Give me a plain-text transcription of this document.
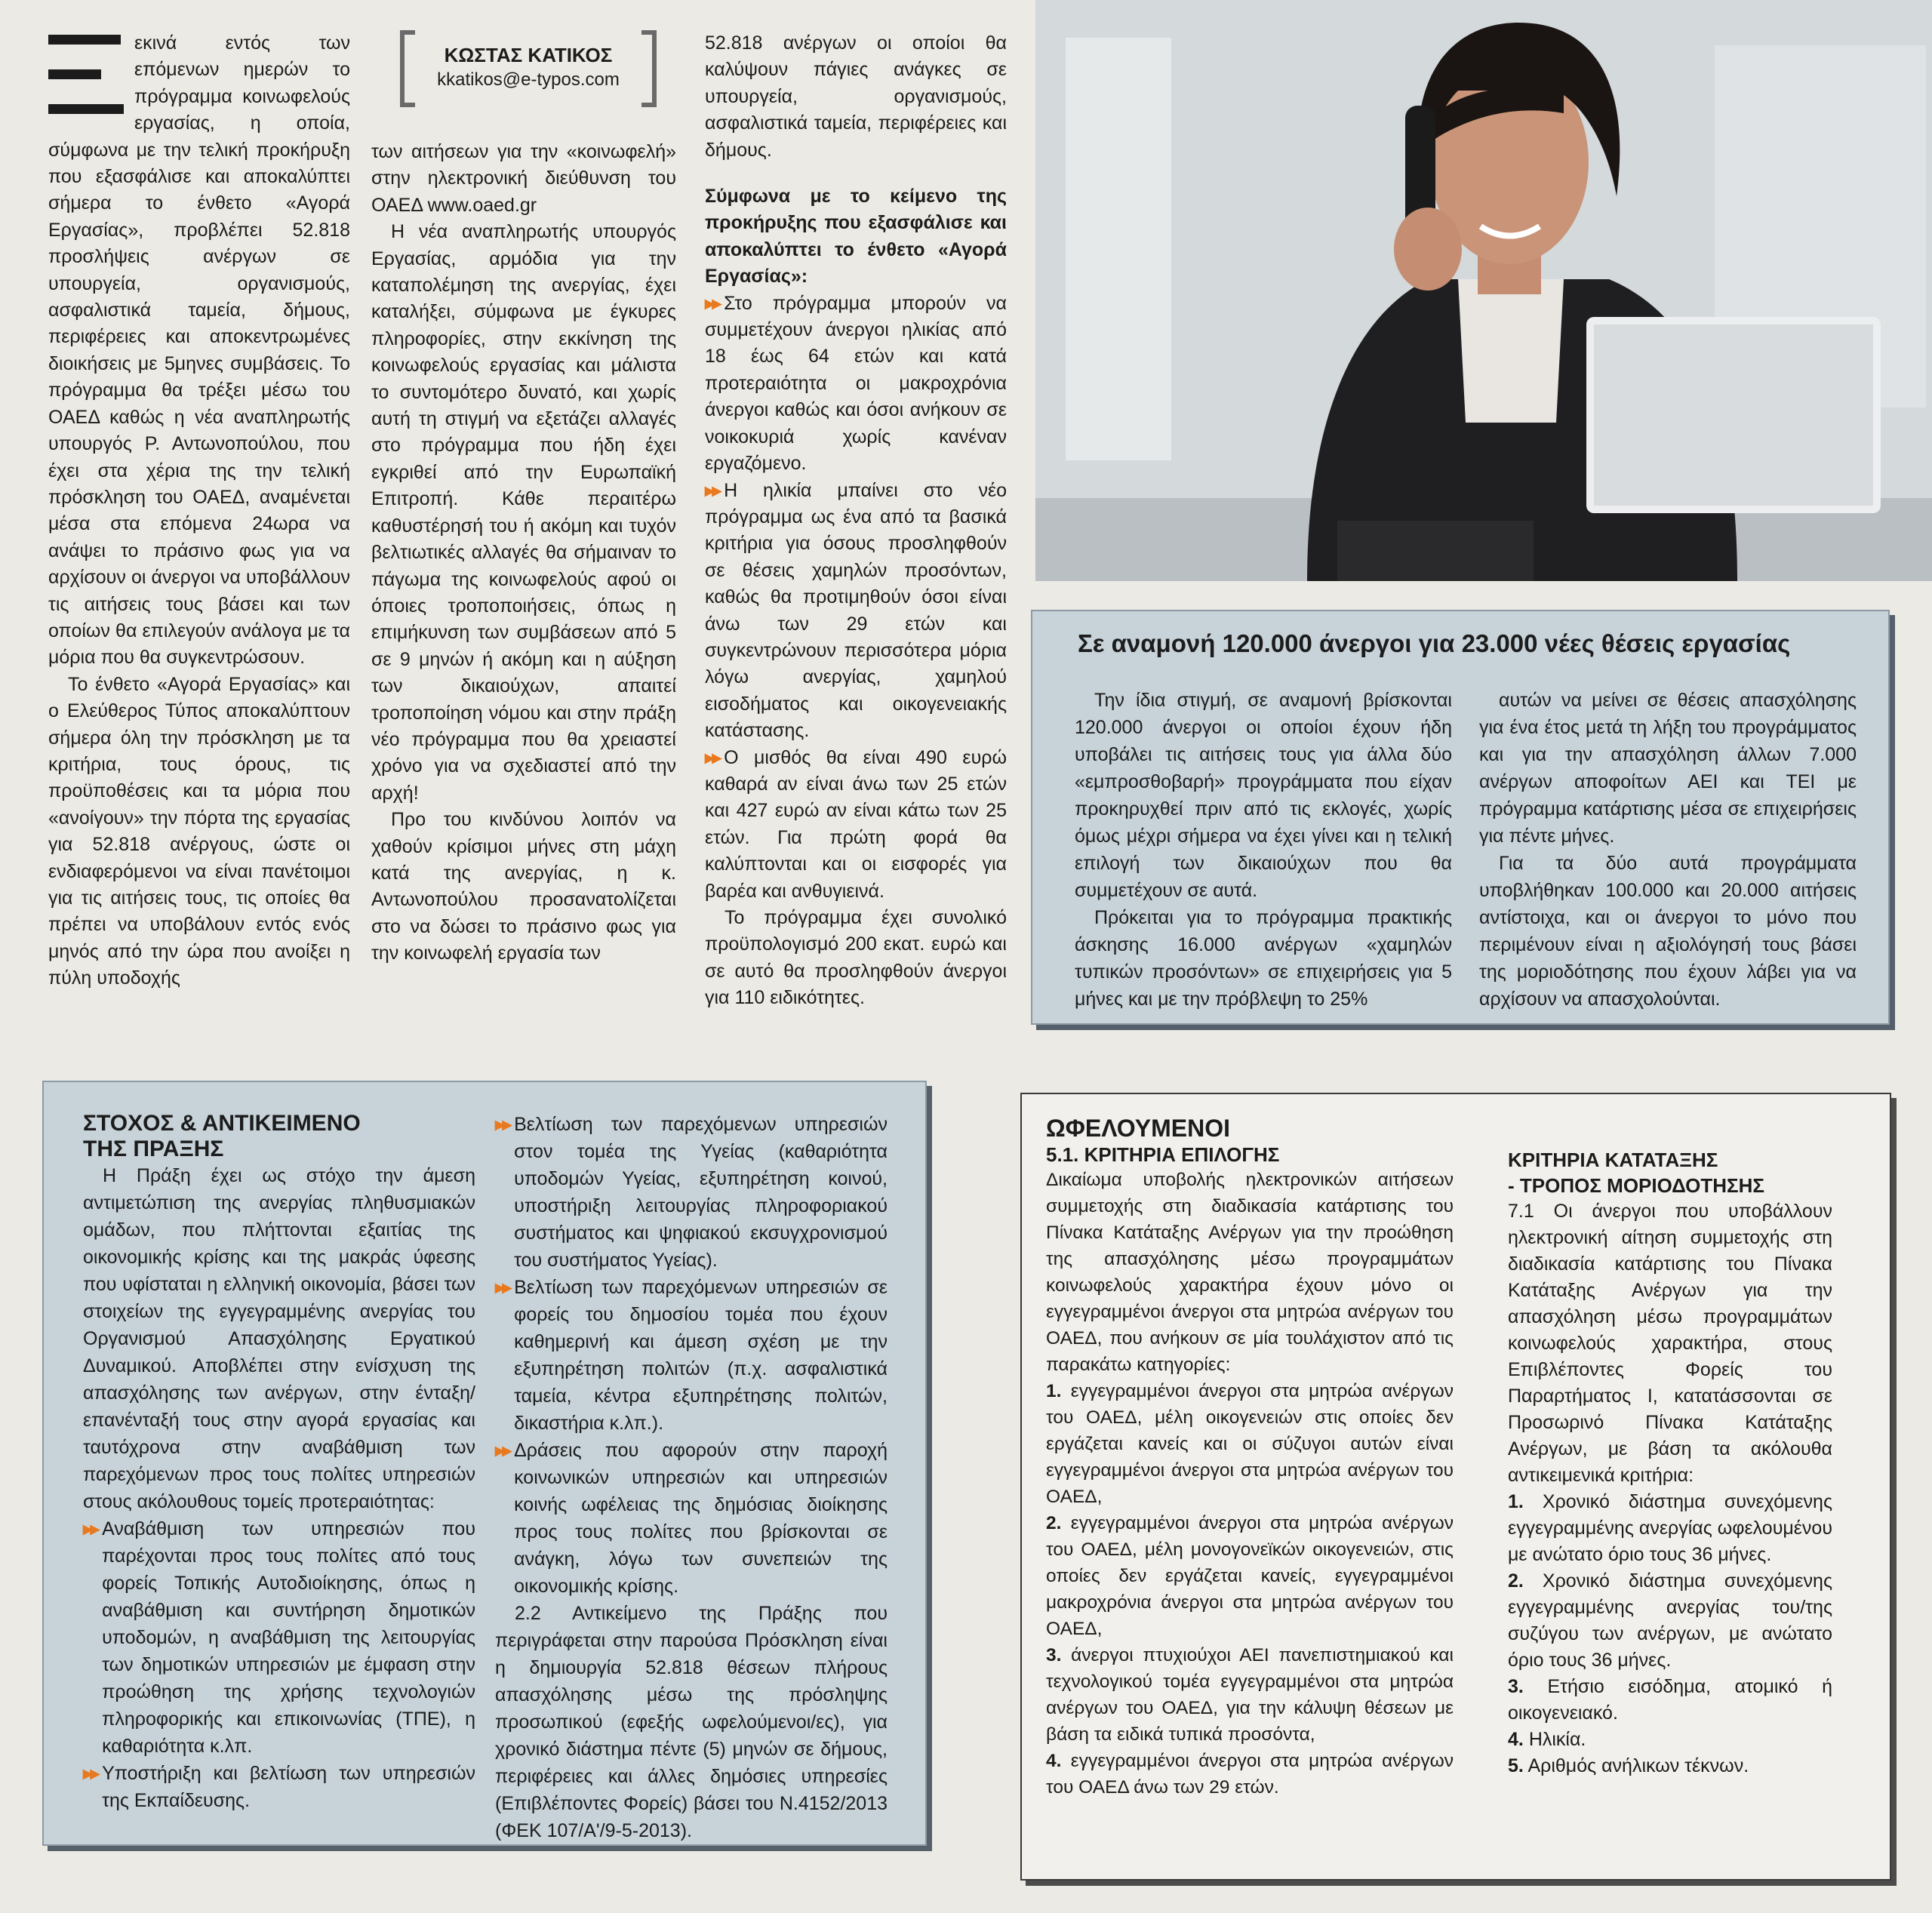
εκινά εντός των επόμενων ημερών το πρόγραμμα κοινωφελούς εργασίας, η οποία, σύμφωνα με την τελική προκήρυξη που εξασφάλισε και αποκαλύπτει σήμερα το ένθετο «Αγορά Εργασίας», προβλέπει 52.818 προσλήψεις ανέργων σε υπουργεία, οργανισμούς, ασφαλιστικά ταμεία, δήμους, περιφέρειες και αποκεντρωμένες διοικήσεις με 5μηνες συμβάσεις. Το πρόγραμμα θα τρέξει μέσω του ΟΑΕΔ καθώς η νέα αναπληρωτής υπουργός Ρ. Αντωνοπούλου, που έχει στα χέρια της την τελική πρόσκληση του ΟΑΕΔ, αναμένεται μέσα στα επόμενα 24ωρα να ανάψει το πράσινο φως για να αρχίσουν οι άνεργοι να υποβάλλουν τις αιτήσεις τους βάσει και των οποίων θα επιλεγούν ανάλογα με τα μόρια που θα συγκεντρώσουν.

Το ένθετο «Αγορά Εργασίας» και ο Ελεύθερος Τύπος αποκαλύπτουν σήμερα όλη την πρόσκληση με τα κριτήρια, τους όρους, τις προϋποθέσεις και τα μόρια που «ανοίγουν» την πόρτα της εργασίας για 52.818 ανέργους, ώστε οι ενδιαφερόμενοι να είναι πανέτοιμοι για τις αιτήσεις τους, τις οποίες θα πρέπει να υποβάλουν εντός ενός μηνός από την ώρα που ανοίξει η πύλη υποδοχής

ΚΩΣΤΑΣ ΚΑΤΙΚΟΣ
kkatikos@e-typos.com

των αιτήσεων για την «κοινωφελή» στην ηλεκτρονική διεύθυνση του ΟΑΕΔ www.oaed.gr

Η νέα αναπληρωτής υπουργός Εργασίας, αρμόδια για την καταπολέμηση της ανεργίας, έχει καταλήξει, σύμφωνα με έγκυρες πληροφορίες, στην εκκίνηση της κοινωφελούς εργασίας και μάλιστα το συντομότερο δυνατό, και χωρίς αυτή τη στιγμή να εξετάζει αλλαγές στο πρόγραμμα που ήδη έχει εγκριθεί από την Ευρωπαϊκή Επιτροπή. Κάθε περαιτέρω καθυστέρησή του ή ακόμη και τυχόν βελτιωτικές αλλαγές θα σήμαιναν το πάγωμα της κοινωφελούς αφού οι όποιες τροποποιήσεις, όπως η επιμήκυνση των συμβάσεων από 5 σε 9 μηνών ή ακόμη και η αύξηση των δικαιούχων, απαιτεί τροποποίηση νόμου και στην πράξη νέο πρόγραμμα που θα χρειαστεί χρόνο για να σχεδιαστεί από την αρχή!

Προ του κινδύνου λοιπόν να χαθούν κρίσιμοι μήνες στη μάχη κατά της ανεργίας, η κ. Αντωνοπούλου προσανατολίζεται στο να δώσει το πράσινο φως για την κοινωφελή εργασία των

52.818 ανέργων οι οποίοι θα καλύψουν πάγιες ανάγκες σε υπουργεία, οργανισμούς, ασφαλιστικά ταμεία, περιφέρειες και δήμους.

Σύμφωνα με το κείμενο της προκήρυξης που εξασφάλισε και αποκαλύπτει το ένθετο «Αγορά Εργασίας»:

▸▸ Στο πρόγραμμα μπορούν να συμμετέχουν άνεργοι ηλικίας από 18 έως 64 ετών και κατά προτεραιότητα οι μακροχρόνια άνεργοι καθώς και όσοι ανήκουν σε νοικοκυριά χωρίς κανέναν εργαζόμενο.

▸▸ Η ηλικία μπαίνει στο νέο πρόγραμμα ως ένα από τα βασικά κριτήρια για όσους προσληφθούν σε θέσεις χαμηλών προσόντων, καθώς θα προτιμηθούν όσοι είναι άνω των 29 ετών και συγκεντρώνουν περισσότερα μόρια λόγω ανεργίας, χαμηλού εισοδήματος και οικογενειακής κατάστασης.

▸▸ Ο μισθός θα είναι 490 ευρώ καθαρά αν είναι άνω των 25 ετών και 427 ευρώ αν είναι κάτω των 25 ετών. Για πρώτη φορά θα καλύπτονται και οι εισφορές για βαρέα και ανθυγιεινά.

Το πρόγραμμα έχει συνολικό προϋπολογισμό 200 εκατ. ευρώ και σε αυτό θα προσληφθούν άνεργοι για 110 ειδικότητες.

Σε αναμονή 120.000 άνεργοι για 23.000 νέες θέσεις εργασίας

Την ίδια στιγμή, σε αναμονή βρίσκονται 120.000 άνεργοι οι οποίοι έχουν ήδη υποβάλει τις αιτήσεις τους για άλλα δύο «εμπροσθοβαρή» προγράμματα που είχαν προκηρυχθεί πριν από τις εκλογές, χωρίς όμως μέχρι σήμερα να έχει γίνει και η τελική επιλογή των δικαιούχων που θα συμμετέχουν σε αυτά.

Πρόκειται για το πρόγραμμα πρακτικής άσκησης 16.000 ανέργων «χαμηλών τυπικών προσόντων» σε επιχειρήσεις για 5 μήνες και με την πρόβλεψη το 25%

αυτών να μείνει σε θέσεις απασχόλησης για ένα έτος μετά τη λήξη του προγράμματος και για την απασχόληση άλλων 7.000 ανέργων αποφοίτων ΑΕΙ και ΤΕΙ με πρόγραμμα κατάρτισης μέσα σε επιχειρήσεις για πέντε μήνες.

Για τα δύο αυτά προγράμματα υποβλήθηκαν 100.000 και 20.000 αιτήσεις αντίστοιχα, και οι άνεργοι το μόνο που περιμένουν είναι η αξιολόγησή τους βάσει της μοριοδότησης που έχουν λάβει για να αρχίσουν να απασχολούνται.

ΣΤΟΧΟΣ & ΑΝΤΙΚΕΙΜΕΝΟ
ΤΗΣ ΠΡΑΞΗΣ

Η Πράξη έχει ως στόχο την άμεση αντιμετώπιση της ανεργίας πληθυσμιακών ομάδων, που πλήττονται εξαιτίας της οικονομικής κρίσης και της μακράς ύφεσης που υφίσταται η ελληνική οικονομία, βάσει των στοιχείων της εγγεγραμμένης ανεργίας του Οργανισμού Απασχόλησης Εργατικού Δυναμικού. Αποβλέπει στην ενίσχυση της απασχόλησης των ανέργων, στην ένταξη/επανένταξή τους στην αγορά εργασίας και ταυτόχρονα στην αναβάθμιση των παρεχόμενων προς τους πολίτες υπηρεσιών στους ακόλουθους τομείς προτεραιότητας:

▸▸ Αναβάθμιση των υπηρεσιών που παρέχονται προς τους πολίτες από τους φορείς Τοπικής Αυτοδιοίκησης, όπως η αναβάθμιση και συντήρηση δημοτικών υποδομών, η αναβάθμιση της λειτουργίας των δημοτικών υπηρεσιών με έμφαση στην προώθηση της χρήσης τεχνολογιών πληροφορικής και επικοινωνίας (ΤΠΕ), η καθαριότητα κ.λπ.
▸▸ Υποστήριξη και βελτίωση των υπηρεσιών της Εκπαίδευσης.
▸▸ Βελτίωση των παρεχόμενων υπηρεσιών στον τομέα της Υγείας (καθαριότητα υποδομών Υγείας, εξυπηρέτηση κοινού, υποστήριξη λειτουργίας πληροφοριακού συστήματος και ψηφιακού εκσυγχρονισμού του συστήματος Υγείας).
▸▸ Βελτίωση των παρεχόμενων υπηρεσιών σε φορείς του δημοσίου τομέα που έχουν καθημερινή και άμεση σχέση με την εξυπηρέτηση πολιτών (π.χ. ασφαλιστικά ταμεία, κέντρα εξυπηρέτησης πολιτών, δικαστήρια κ.λπ.).
▸▸ Δράσεις που αφορούν στην παροχή κοινωνικών υπηρεσιών και υπηρεσιών κοινής ωφέλειας της δημόσιας διοίκησης προς τους πολίτες που βρίσκονται σε ανάγκη, λόγω των συνεπειών της οικονομικής κρίσης.

2.2 Αντικείμενο της Πράξης που περιγράφεται στην παρούσα Πρόσκληση είναι η δημιουργία 52.818 θέσεων πλήρους απασχόλησης μέσω της πρόσληψης προσωπικού (εφεξής ωφελούμενοι/ες), για χρονικό διάστημα πέντε (5) μηνών σε δήμους, περιφέρειες και άλλες δημόσιες υπηρεσίες (Επιβλέποντες Φορείς) βάσει του Ν.4152/2013 (ΦΕΚ 107/Α'/9-5-2013).

ΩΦΕΛΟΥΜΕΝΟΙ
5.1. ΚΡΙΤΗΡΙΑ ΕΠΙΛΟΓΗΣ

Δικαίωμα υποβολής ηλεκτρονικών αιτήσεων συμμετοχής στη διαδικασία κατάρτισης του Πίνακα Κατάταξης Ανέργων για την προώθηση της απασχόλησης μέσω προγραμμάτων κοινωφελούς χαρακτήρα έχουν μόνο οι εγγεγραμμένοι άνεργοι στα μητρώα ανέργων του ΟΑΕΔ, που ανήκουν σε μία τουλάχιστον από τις παρακάτω κατηγορίες:

1. εγγεγραμμένοι άνεργοι στα μητρώα ανέργων του ΟΑΕΔ, μέλη οικογενειών στις οποίες δεν εργάζεται κανείς και οι σύζυγοι αυτών είναι εγγεγραμμένοι άνεργοι στα μητρώα ανέργων του ΟΑΕΔ,

2. εγγεγραμμένοι άνεργοι στα μητρώα ανέργων του ΟΑΕΔ, μέλη μονογονεϊκών οικογενειών, στις οποίες δεν εργάζεται κανείς, εγγεγραμμένοι μακροχρόνια άνεργοι στα μητρώα ανέργων του ΟΑΕΔ,

3. άνεργοι πτυχιούχοι ΑΕΙ πανεπιστημιακού και τεχνολογικού τομέα εγγεγραμμένοι στα μητρώα ανέργων του ΟΑΕΔ, για την κάλυψη θέσεων με βάση τα ειδικά τυπικά προσόντα,

4. εγγεγραμμένοι άνεργοι στα μητρώα ανέργων του ΟΑΕΔ άνω των 29 ετών.

ΚΡΙΤΗΡΙΑ ΚΑΤΑΤΑΞΗΣ
- ΤΡΟΠΟΣ ΜΟΡΙΟΔΟΤΗΣΗΣ

7.1 Οι άνεργοι που υποβάλλουν ηλεκτρονική αίτηση συμμετοχής στη διαδικασία κατάρτισης του Πίνακα Κατάταξης Ανέργων για την απασχόληση μέσω προγραμμάτων κοινωφελούς χαρακτήρα, στους Επιβλέποντες Φορείς του Παραρτήματος Ι, κατατάσσονται σε Προσωρινό Πίνακα Κατάταξης Ανέργων, με βάση τα ακόλουθα αντικειμενικά κριτήρια:

1. Χρονικό διάστημα συνεχόμενης εγγεγραμμένης ανεργίας ωφελουμένου με ανώτατο όριο τους 36 μήνες.

2. Χρονικό διάστημα συνεχόμενης εγγεγραμμένης ανεργίας του/της συζύγου των ανέργων, με ανώτατο όριο τους 36 μήνες.

3. Ετήσιο εισόδημα, ατομικό ή οικογενειακό.

4. Ηλικία.

5. Αριθμός ανήλικων τέκνων.
